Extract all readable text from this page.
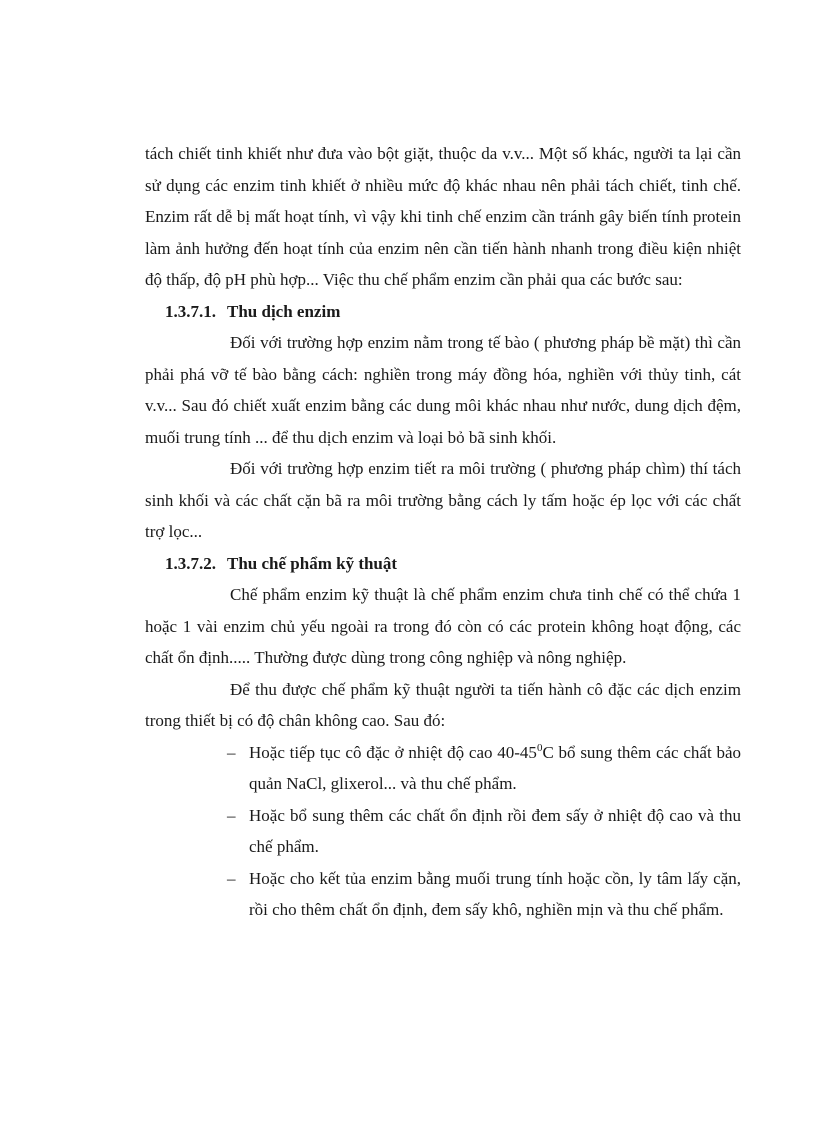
tách chiết tinh khiết như đưa vào bột giặt, thuộc da v.v... Một số khác, người ta lại cần sử dụng các enzim tinh khiết ở nhiều mức độ khác nhau nên phải tách chiết, tinh chế. Enzim rất dễ bị mất hoạt tính, vì vậy khi tinh chế enzim cần tránh gây biến tính protein làm ảnh hưởng đến hoạt tính của enzim nên cần tiến hành nhanh trong điều kiện nhiệt độ thấp, độ pH phù hợp... Việc thu chế phẩm enzim cần phải qua các bước sau:

1.3.7.1. Thu dịch enzim

Đối với trường hợp enzim nằm trong tế bào ( phương pháp bề mặt) thì cần phải phá vỡ tế bào bằng cách: nghiền trong máy đồng hóa, nghiền với thủy tinh, cát v.v... Sau đó chiết xuất enzim bằng các dung môi khác nhau như nước, dung dịch đệm, muối trung tính ... để thu dịch enzim và loại bỏ bã sinh khối.

Đối với trường hợp enzim tiết ra môi trường ( phương pháp chìm) thí tách sinh khối và các chất cặn bã ra môi trường bằng cách ly tấm hoặc ép lọc với các chất trợ lọc...

1.3.7.2. Thu chế phẩm kỹ thuật

Chế phẩm enzim kỹ thuật là chế phẩm enzim chưa tinh chế có thể chứa 1 hoặc 1 vài enzim chủ yếu ngoài ra trong đó còn có các protein không hoạt động, các chất ổn định..... Thường được dùng trong công nghiệp và nông nghiệp.

Để thu được chế phẩm kỹ thuật người ta tiến hành cô đặc các dịch enzim trong thiết bị có độ chân không cao. Sau đó:

– Hoặc tiếp tục cô đặc ở nhiệt độ cao $40-45^0C$ bổ sung thêm các chất bảo quản NaCl, glixerol... và thu chế phẩm.
– Hoặc bổ sung thêm các chất ổn định rồi đem sấy ở nhiệt độ cao và thu chế phẩm.
– Hoặc cho kết tủa enzim bằng muối trung tính hoặc cồn, ly tâm lấy cặn, rồi cho thêm chất ổn định, đem sấy khô, nghiền mịn và thu chế phẩm.
